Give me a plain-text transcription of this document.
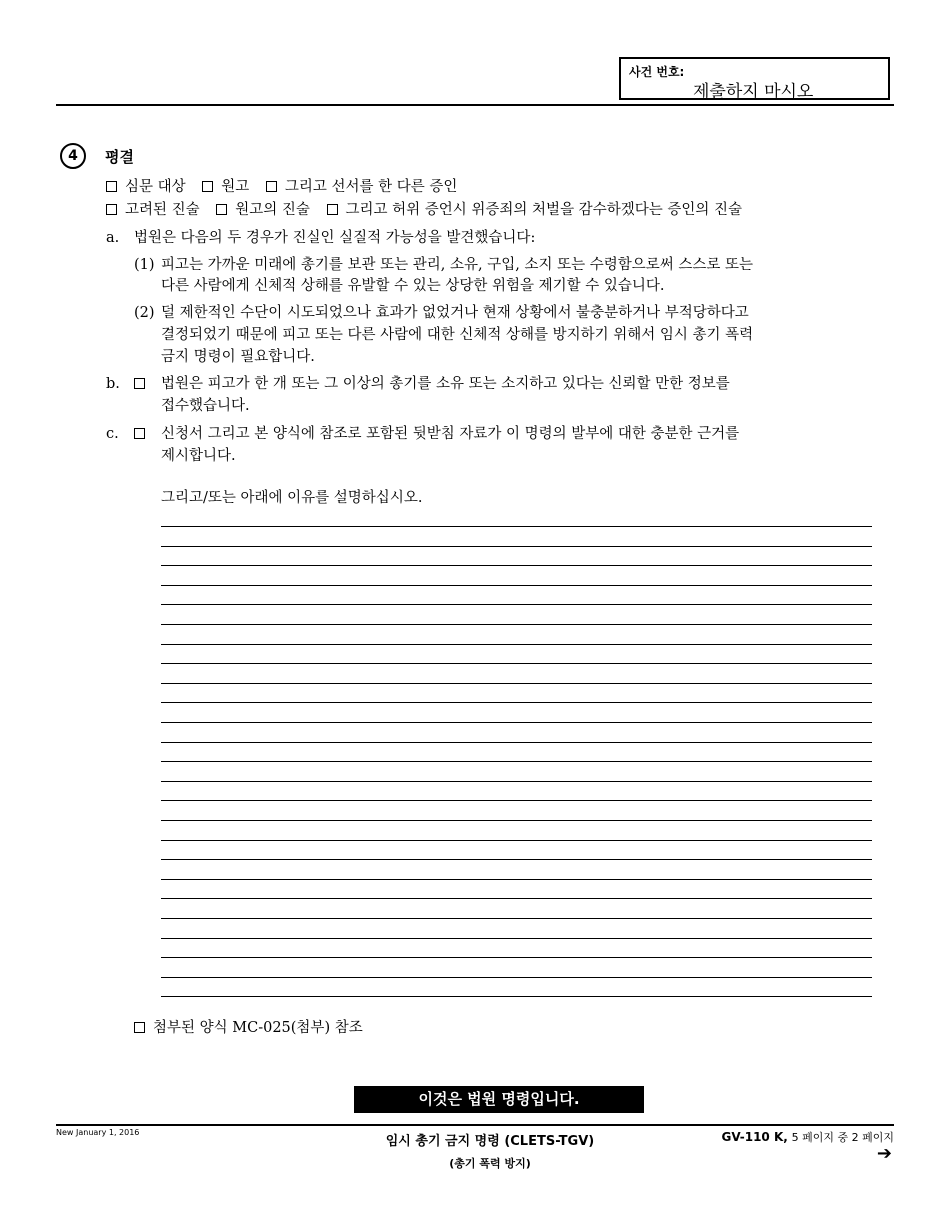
사건 번호:
제출하지 마시오
4	평결
심문 대상 원고 그리고 선서를 한 다른 증인
고려된 진술 원고의 진술 그리고 허위 증언시 위증죄의 처벌을 감수하겠다는 증인의 진술
a. 법원은 다음의 두 경우가 진실인 실질적 가능성을 발견했습니다:
(1) 피고는 가까운 미래에 총기를 보관 또는 관리, 소유, 구입, 소지 또는 수령함으로써 스스로 또는
다른 사람에게 신체적 상해를 유발할 수 있는 상당한 위험을 제기할 수 있습니다.
(2) 덜 제한적인 수단이 시도되었으나 효과가 없었거나 현재 상황에서 불충분하거나 부적당하다고
결정되었기 때문에 피고 또는 다른 사람에 대한 신체적 상해를 방지하기 위해서 임시 총기 폭력
금지 명령이 필요합니다.
b.	법원은 피고가 한 개 또는 그 이상의 총기를 소유 또는 소지하고 있다는 신뢰할 만한 정보를
접수했습니다.
c.	신청서 그리고 본 양식에 참조로 포함된 뒷받침 자료가 이 명령의 발부에 대한 충분한 근거를
제시합니다.
그리고/또는 아래에 이유를 설명하십시오.
첨부된 양식 MC-025(첨부) 참조
이것은 법원 명령입니다.
New January 1, 2016
임시 총기 금지 명령 (CLETS-TGV)
(총기 폭력 방지)
GV-110 K, 5 페이지 중 2 페이지
➔
